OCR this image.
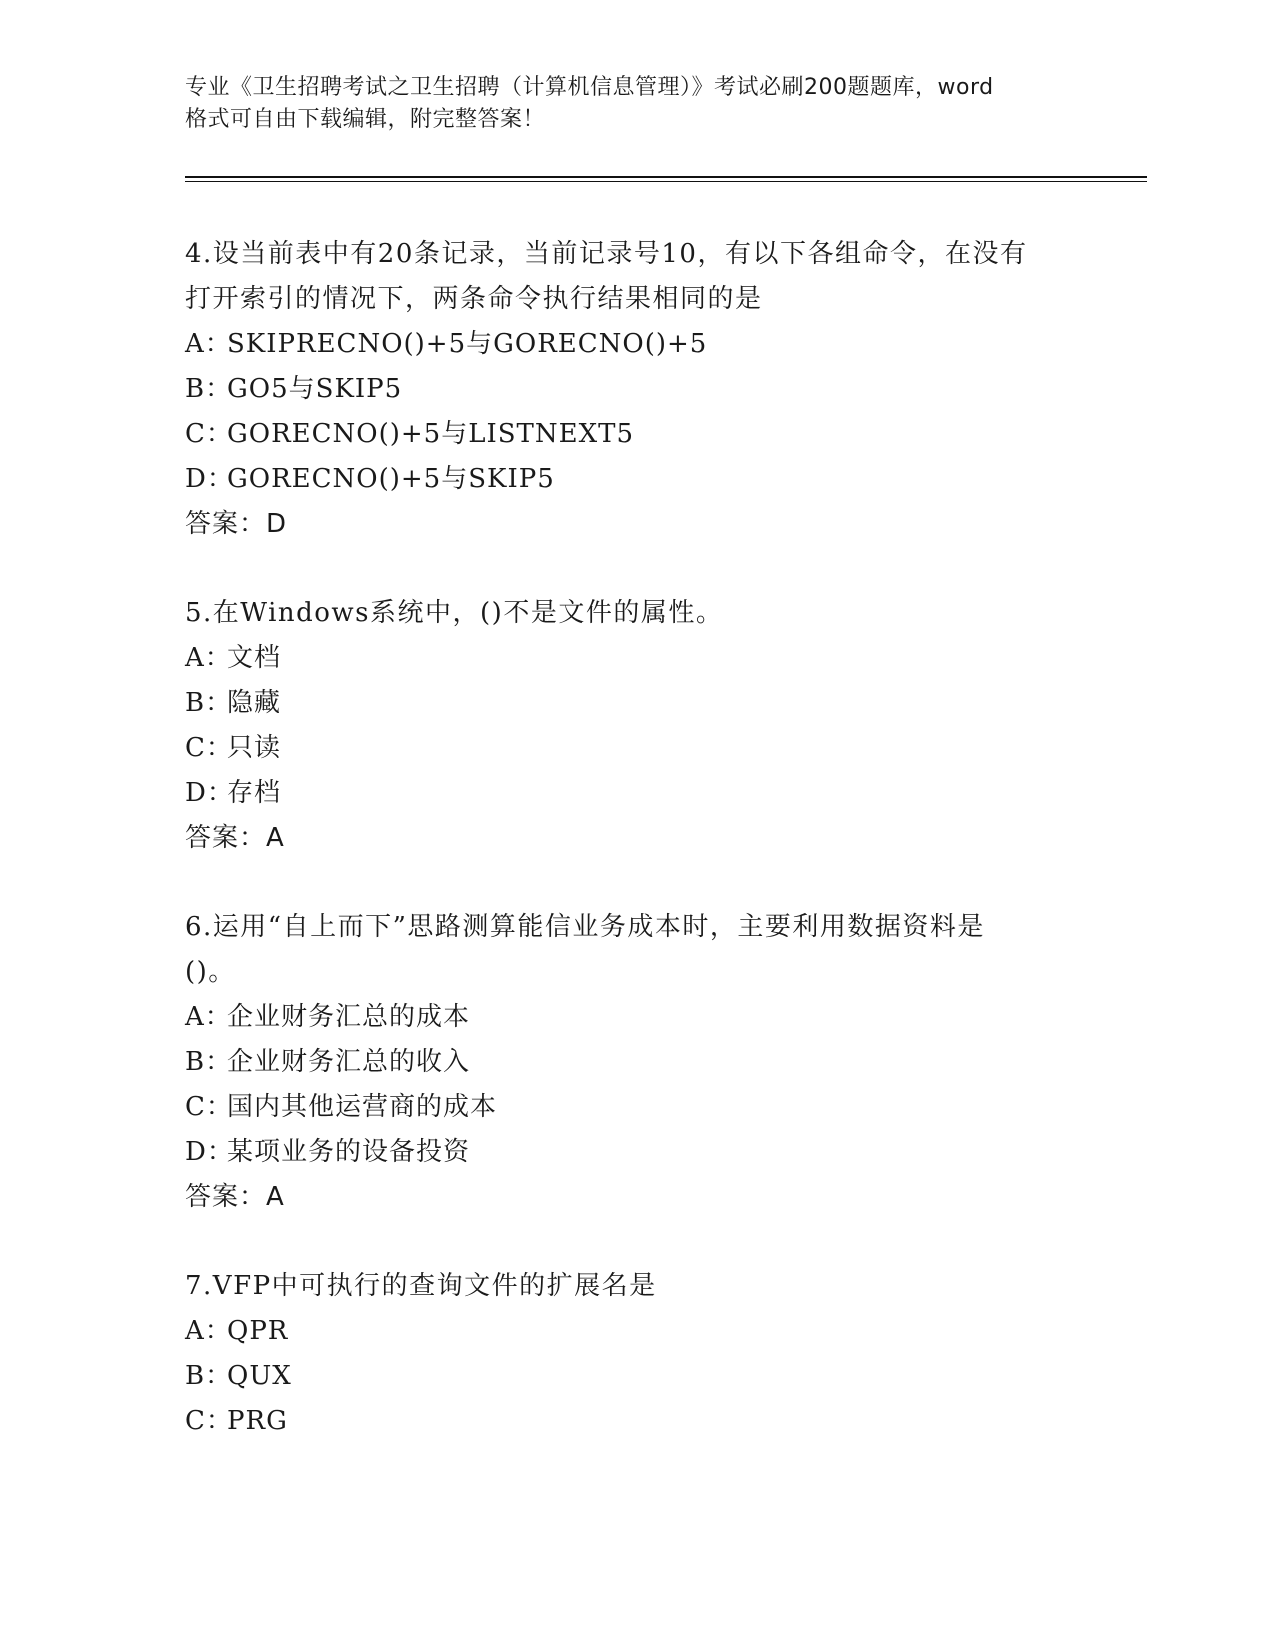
专业《卫生招聘考试之卫生招聘（计算机信息管理）》考试必刷200题题库，word
格式可自由下载编辑，附完整答案！

4.设当前表中有20条记录，当前记录号10，有以下各组命令，在没有

打开索引的情况下，两条命令执行结果相同的是

A：SKIPRECNO()+5与GORECNO()+5

B：GO5与SKIP5

C：GORECNO()+5与LISTNEXT5

D：GORECNO()+5与SKIP5

答案：D

5.在Windows系统中，()不是文件的属性。

A：文档

B：隐藏

C：只读

D：存档

答案：A

6.运用“自上而下”思路测算能信业务成本时，主要利用数据资料是

()。

A：企业财务汇总的成本

B：企业财务汇总的收入

C：国内其他运营商的成本

D：某项业务的设备投资

答案：A

7.VFP中可执行的查询文件的扩展名是

A：QPR

B：QUX

C：PRG
